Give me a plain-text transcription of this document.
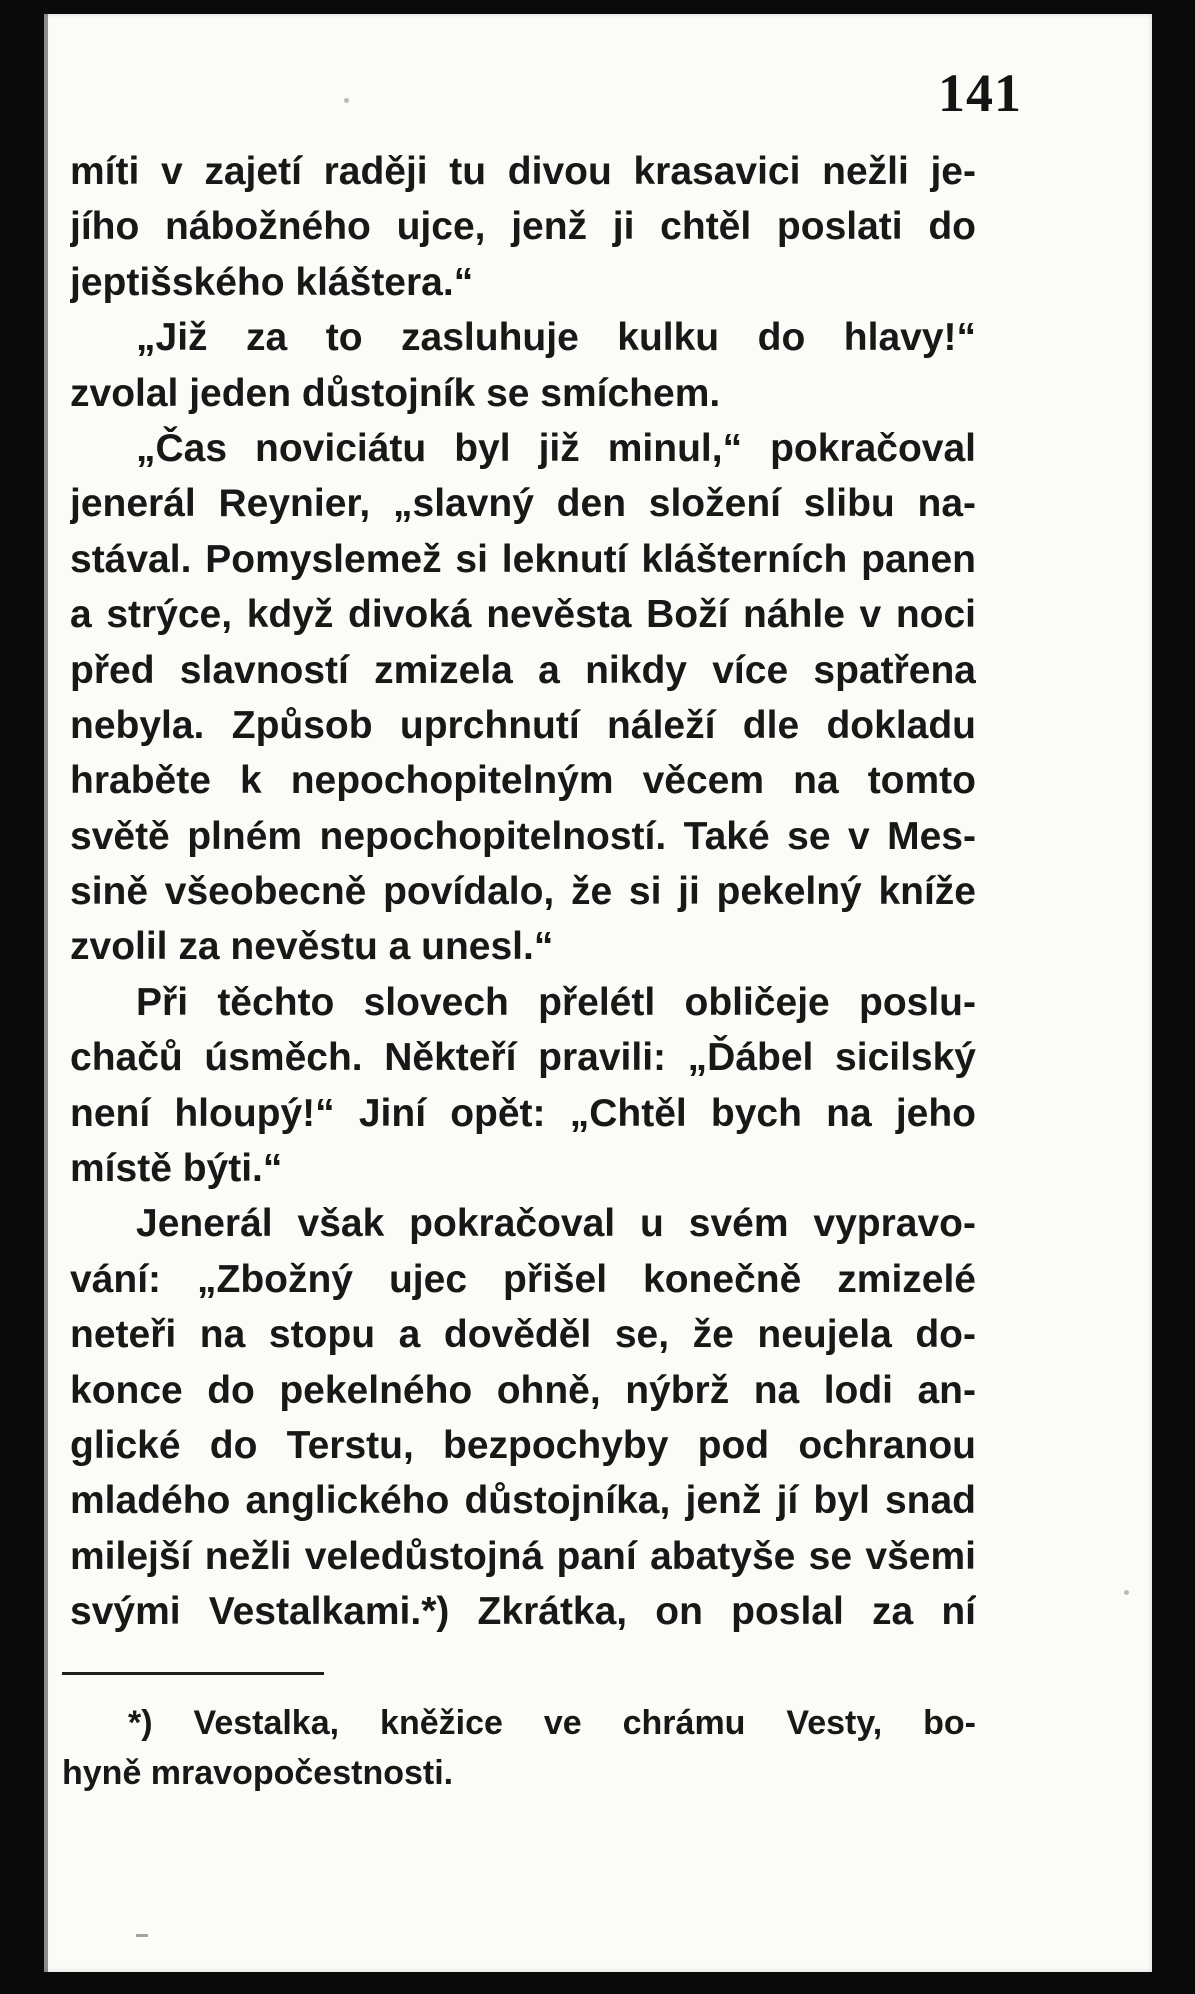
141
míti v zajetí raději tu divou krasavici nežli je-
jího nábožného ujce, jenž ji chtěl poslati do
jeptišského kláštera.“
„Již za to zasluhuje kulku do hlavy!“
zvolal jeden důstojník se smíchem.
„Čas noviciátu byl již minul,“ pokračoval
jenerál Reynier, „slavný den složení slibu na-
stával. Pomyslemež si leknutí klášterních panen
a strýce, když divoká nevěsta Boží náhle v noci
před slavností zmizela a nikdy více spatřena
nebyla. Způsob uprchnutí náleží dle dokladu
hraběte k nepochopitelným věcem na tomto
světě plném nepochopitelností. Také se v Mes-
sině všeobecně povídalo, že si ji pekelný kníže
zvolil za nevěstu a unesl.“
Při těchto slovech přelétl obličeje poslu-
chačů úsměch. Někteří pravili: „Ďábel sicilský
není hloupý!“ Jiní opět: „Chtěl bych na jeho
místě býti.“
Jenerál však pokračoval u svém vypravo-
vání: „Zbožný ujec přišel konečně zmizelé
neteři na stopu a dověděl se, že neujela do-
konce do pekelného ohně, nýbrž na lodi an-
glické do Terstu, bezpochyby pod ochranou
mladého anglického důstojníka, jenž jí byl snad
milejší nežli veledůstojná paní abatyše se všemi
svými Vestalkami.*) Zkrátka, on poslal za ní
*) Vestalka, kněžice ve chrámu Vesty, bo-
hyně mravopočestnosti.
